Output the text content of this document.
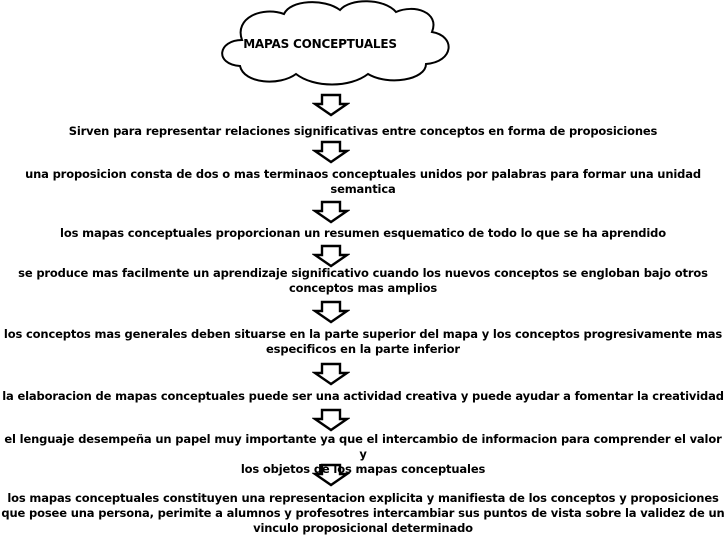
MAPAS CONCEPTUALES
Sirven para representar relaciones significativas entre conceptos en forma de proposiciones
una proposicion consta de dos o mas terminaos conceptuales unidos por palabras para formar una unidad
semantica
los mapas conceptuales proporcionan un resumen esquematico de todo lo que se ha aprendido
se produce mas facilmente un aprendizaje significativo cuando los nuevos conceptos se engloban bajo otros
conceptos mas amplios
los conceptos mas generales deben situarse en la parte superior del mapa y los conceptos progresivamente mas
especificos en la parte inferior
la elaboracion de mapas conceptuales puede ser una actividad creativa y puede ayudar a fomentar la creatividad
el lenguaje desempeña un papel muy importante ya que el intercambio de informacion para comprender el valor y
los objetos de los mapas conceptuales
los mapas conceptuales constituyen una representacion explicita y manifiesta de los conceptos y proposiciones
que posee una persona, perimite a alumnos y profesotres intercambiar sus puntos de vista sobre la validez de un
vinculo proposicional determinado
